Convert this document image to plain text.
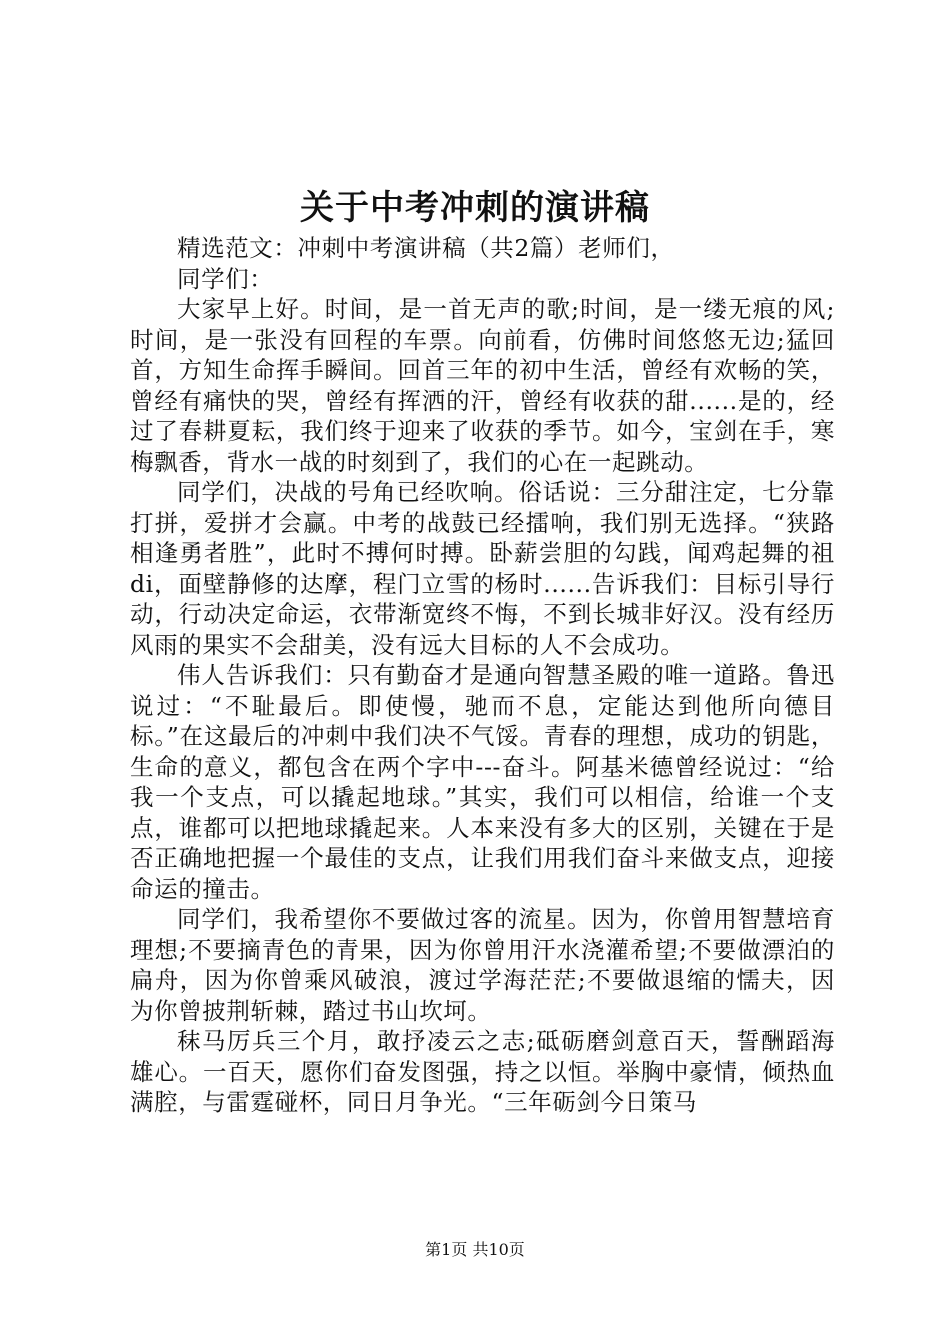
关于中考冲刺的演讲稿

精选范文：冲刺中考演讲稿（共2篇）老师们，

同学们：

大家早上好。时间，是一首无声的歌;时间，是一缕无痕的风;时间，是一张没有回程的车票。向前看，仿佛时间悠悠无边;猛回首，方知生命挥手瞬间。回首三年的初中生活，曾经有欢畅的笑，曾经有痛快的哭，曾经有挥洒的汗，曾经有收获的甜......是的，经过了春耕夏耘，我们终于迎来了收获的季节。如今，宝剑在手，寒梅飘香，背水一战的时刻到了，我们的心在一起跳动。

同学们，决战的号角已经吹响。俗话说：三分甜注定，七分靠打拼，爱拼才会赢。中考的战鼓已经擂响，我们别无选择。“狭路相逢勇者胜”，此时不搏何时搏。卧薪尝胆的勾践，闻鸡起舞的祖di，面壁静修的达摩，程门立雪的杨时......告诉我们：目标引导行动，行动决定命运，衣带渐宽终不悔，不到长城非好汉。没有经历风雨的果实不会甜美，没有远大目标的人不会成功。

伟人告诉我们：只有勤奋才是通向智慧圣殿的唯一道路。鲁迅说过：“不耻最后。即使慢，驰而不息，定能达到他所向德目标。”在这最后的冲刺中我们决不气馁。青春的理想，成功的钥匙，生命的意义，都包含在两个字中---奋斗。阿基米德曾经说过：“给我一个支点，可以撬起地球。”其实，我们可以相信，给谁一个支点，谁都可以把地球撬起来。人本来没有多大的区别，关键在于是否正确地把握一个最佳的支点，让我们用我们奋斗来做支点，迎接命运的撞击。

同学们，我希望你不要做过客的流星。因为，你曾用智慧培育理想;不要摘青色的青果，因为你曾用汗水浇灌希望;不要做漂泊的扁舟，因为你曾乘风破浪，渡过学海茫茫;不要做退缩的懦夫，因为你曾披荆斩棘，踏过书山坎坷。

秣马厉兵三个月，敢抒凌云之志;砥砺磨剑意百天，誓酬蹈海雄心。一百天，愿你们奋发图强，持之以恒。举胸中豪情，倾热血满腔，与雷霆碰杯，同日月争光。“三年砺剑今日策马

第1页 共10页
